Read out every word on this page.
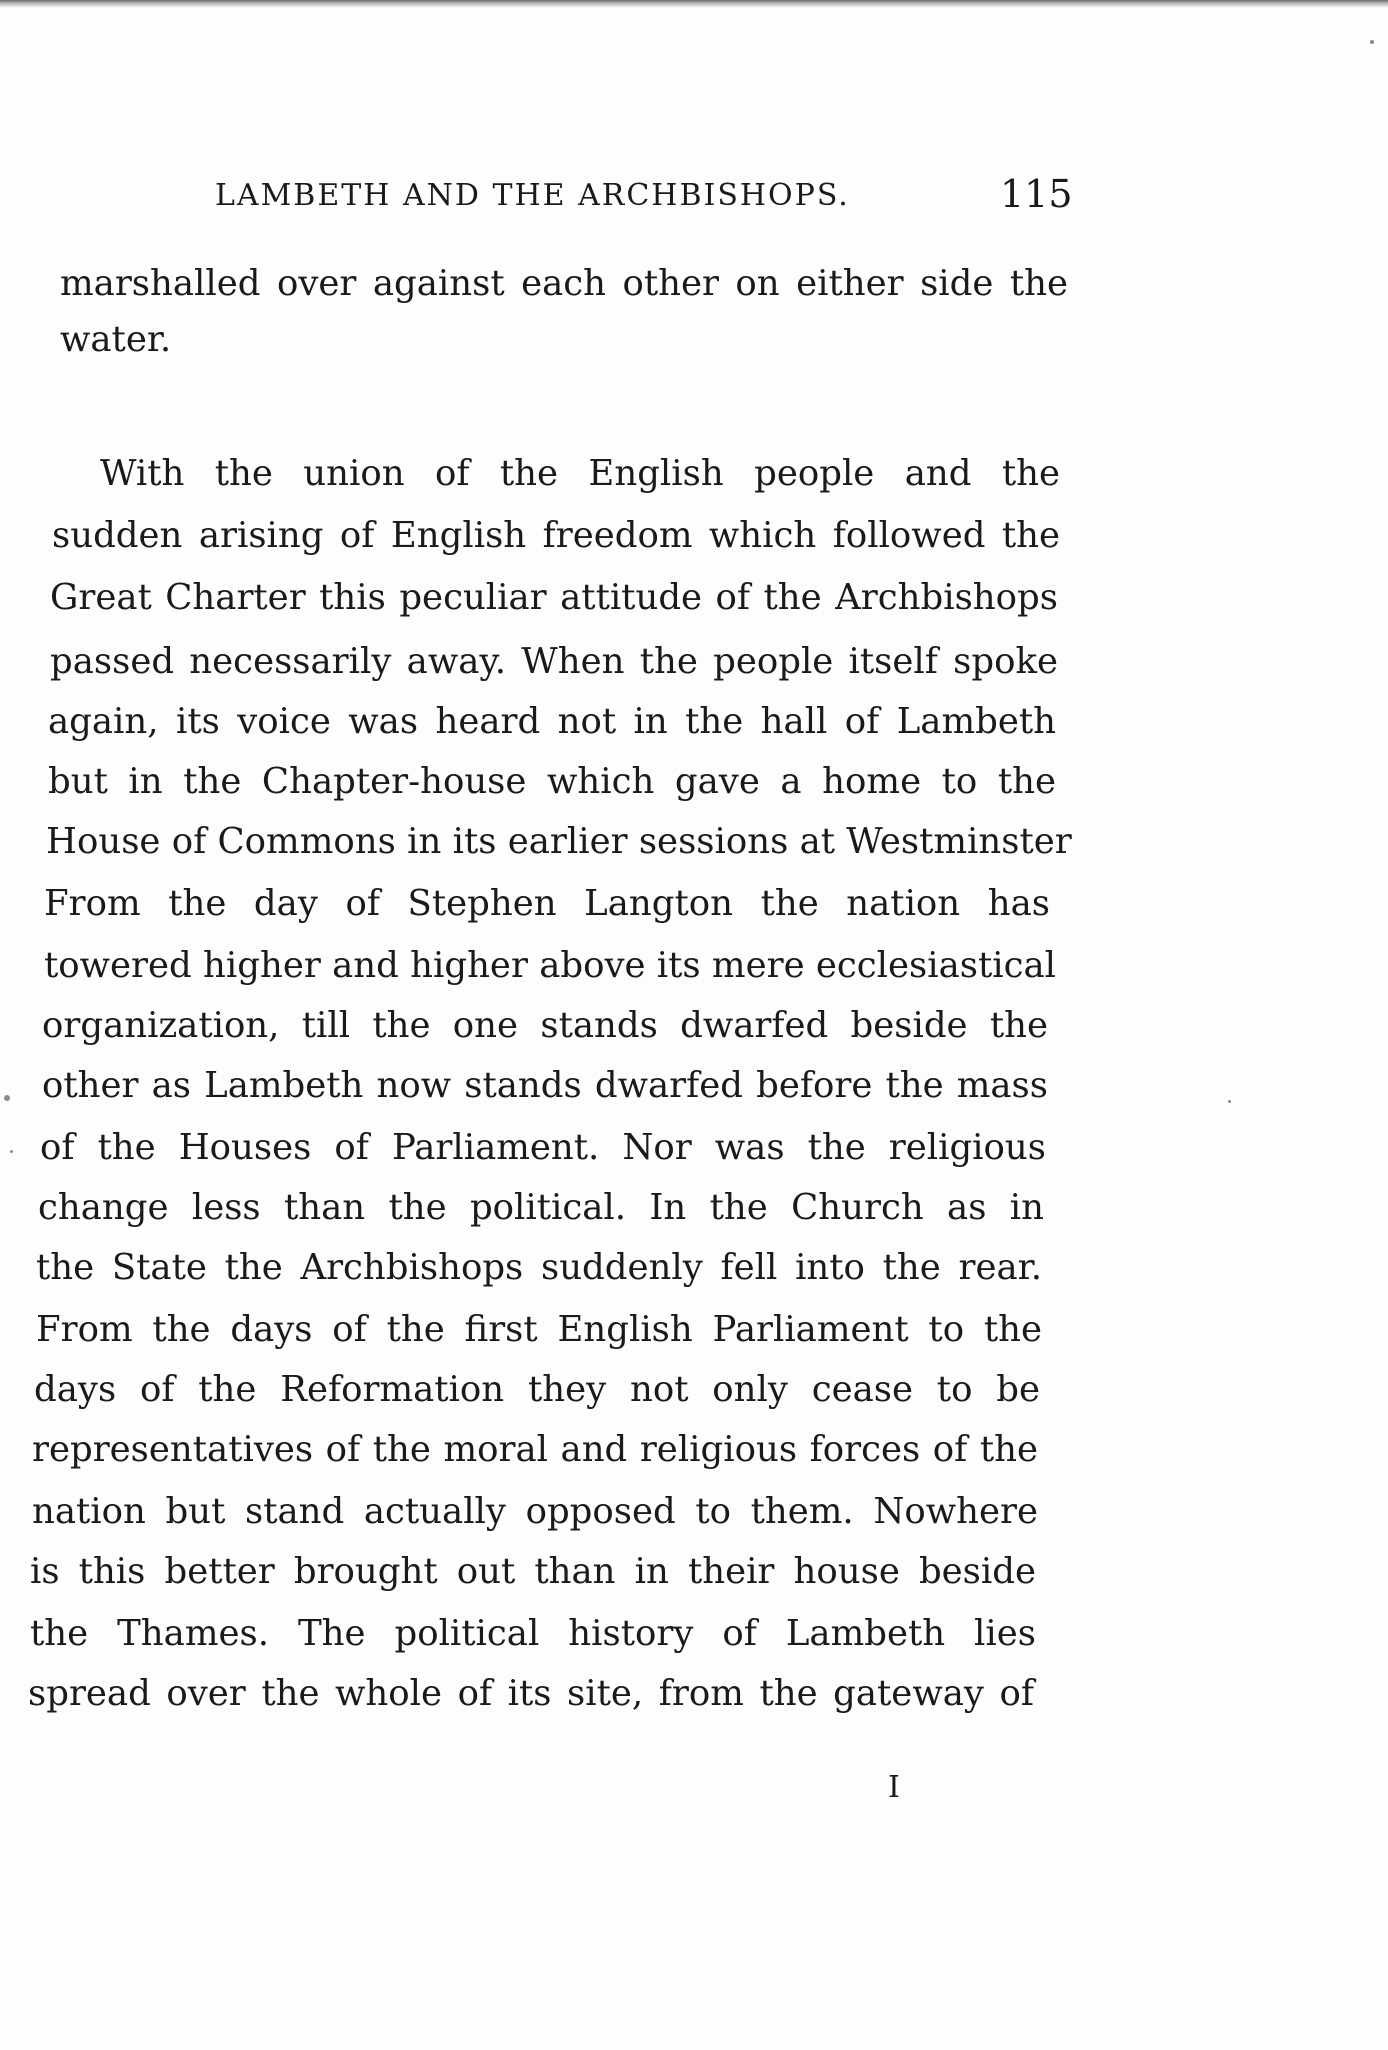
LAMBETH AND THE ARCHBISHOPS.	115
marshalled over against each other on either side the
water.
With the union of the English people and the
sudden arising of English freedom which followed the
Great Charter this peculiar attitude of the Archbishops
passed necessarily away. When the people itself spoke
again, its voice was heard not in the hall of Lambeth
but in the Chapter-house which gave a home to the
House of Commons in its earlier sessions at Westminster
From the day of Stephen Langton the nation has
towered higher and higher above its mere ecclesiastical
organization, till the one stands dwarfed beside the
other as Lambeth now stands dwarfed before the mass
of the Houses of Parliament. Nor was the religious
change less than the political. In the Church as in
the State the Archbishops suddenly fell into the rear.
From the days of the first English Parliament to the
days of the Reformation they not only cease to be
representatives of the moral and religious forces of the
nation but stand actually opposed to them. Nowhere
is this better brought out than in their house beside
the Thames. The political history of Lambeth lies
spread over the whole of its site, from the gateway of
I
